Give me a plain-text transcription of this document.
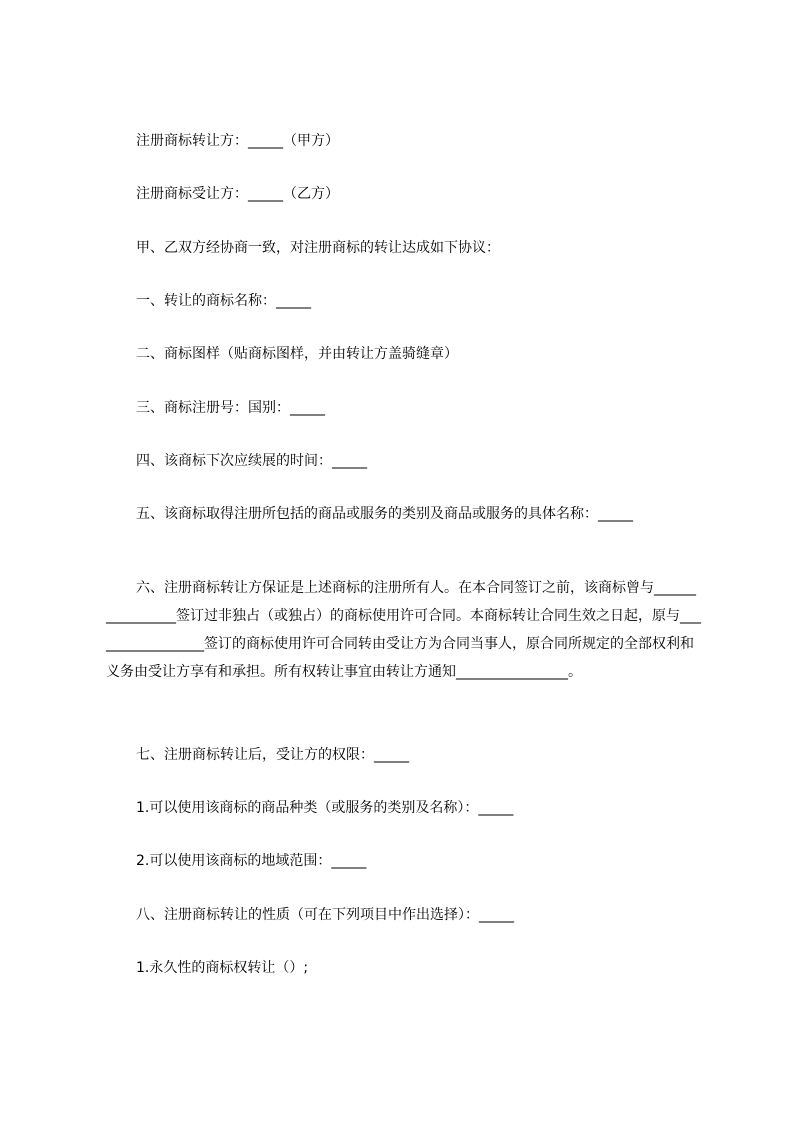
注册商标转让方：_____（甲方）

注册商标受让方：_____（乙方）

甲、乙双方经协商一致，对注册商标的转让达成如下协议：

一、转让的商标名称：_____

二、商标图样（贴商标图样，并由转让方盖骑缝章）

三、商标注册号：国别：_____

四、该商标下次应续展的时间：_____

五、该商标取得注册所包括的商品或服务的类别及商品或服务的具体名称：_____

六、注册商标转让方保证是上述商标的注册所有人。在本合同签订之前，该商标曾与________________签订过非独占（或独占）的商标使用许可合同。本商标转让合同生效之日起，原与_________________签订的商标使用许可合同转由受让方为合同当事人，原合同所规定的全部权利和义务由受让方享有和承担。所有权转让事宜由转让方通知________________。

七、注册商标转让后，受让方的权限：_____

1.可以使用该商标的商品种类（或服务的类别及名称）：_____

2.可以使用该商标的地域范围：_____

八、注册商标转让的性质（可在下列项目中作出选择）：_____

1.永久性的商标权转让（）;
